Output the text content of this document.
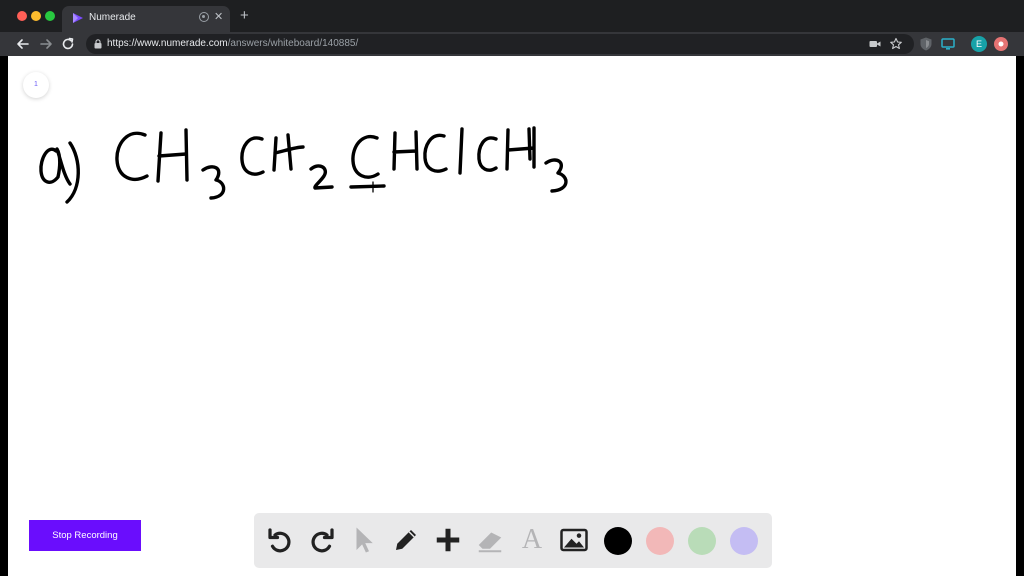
Numerade	✕ +
https://www.numerade.com/answers/whiteboard/140885/	E
1
Stop Recording	A
